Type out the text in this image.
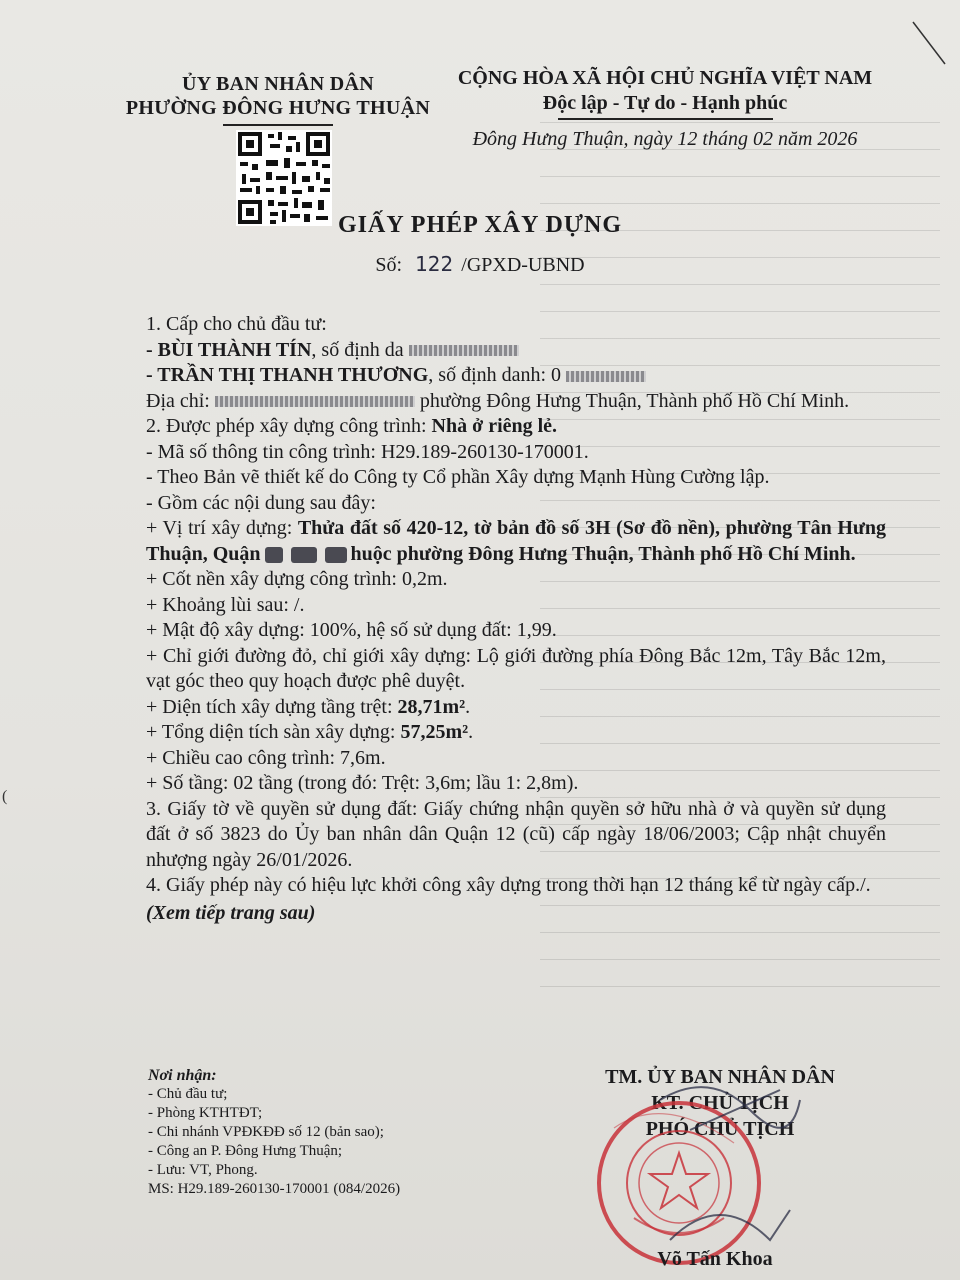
ỦY BAN NHÂN DÂN
PHƯỜNG ĐÔNG HƯNG THUẬN
CỘNG HÒA XÃ HỘI CHỦ NGHĨA VIỆT NAM
Độc lập - Tự do - Hạnh phúc
Đông Hưng Thuận, ngày 12 tháng 02 năm 2026
GIẤY PHÉP XÂY DỰNG
Số: 122 /GPXD-UBND

1. Cấp cho chủ đầu tư:

- BÙI THÀNH TÍN, số định da

- TRẦN THỊ THANH THƯƠNG, số định danh: 0

Địa chỉ:	phường Đông Hưng Thuận, Thành phố Hồ Chí Minh.

2. Được phép xây dựng công trình: Nhà ở riêng lẻ.

- Mã số thông tin công trình: H29.189-260130-170001.

- Theo Bản vẽ thiết kế do Công ty Cổ phần Xây dựng Mạnh Hùng Cường lập.

- Gồm các nội dung sau đây:

+ Vị trí xây dựng: Thửa đất số 420-12, tờ bản đồ số 3H (Sơ đồ nền), phường Tân Hưng Thuận, Quận	huộc phường Đông Hưng Thuận, Thành phố Hồ Chí Minh.

+ Cốt nền xây dựng công trình: 0,2m.

+ Khoảng lùi sau: /.

+ Mật độ xây dựng: 100%, hệ số sử dụng đất: 1,99.

+ Chỉ giới đường đỏ, chỉ giới xây dựng: Lộ giới đường phía Đông Bắc 12m, Tây Bắc 12m, vạt góc theo quy hoạch được phê duyệt.

+ Diện tích xây dựng tầng trệt: 28,71m².

+ Tổng diện tích sàn xây dựng: 57,25m².

+ Chiều cao công trình: 7,6m.

+ Số tầng: 02 tầng (trong đó: Trệt: 3,6m; lầu 1: 2,8m).

3. Giấy tờ về quyền sử dụng đất: Giấy chứng nhận quyền sở hữu nhà ở và quyền sử dụng đất ở số 3823 do Ủy ban nhân dân Quận 12 (cũ) cấp ngày 18/06/2003; Cập nhật chuyển nhượng ngày 26/01/2026.

4. Giấy phép này có hiệu lực khởi công xây dựng trong thời hạn 12 tháng kể từ ngày cấp./.

(Xem tiếp trang sau)

Nơi nhận:
- Chủ đầu tư;
- Phòng KTHTĐT;
- Chi nhánh VPĐKĐĐ số 12 (bản sao);
- Công an P. Đông Hưng Thuận;
- Lưu: VT, Phong.
MS: H29.189-260130-170001 (084/2026)
TM. ỦY BAN NHÂN DÂN
KT. CHỦ TỊCH
PHÓ CHỦ TỊCH
Võ Tấn Khoa
(
